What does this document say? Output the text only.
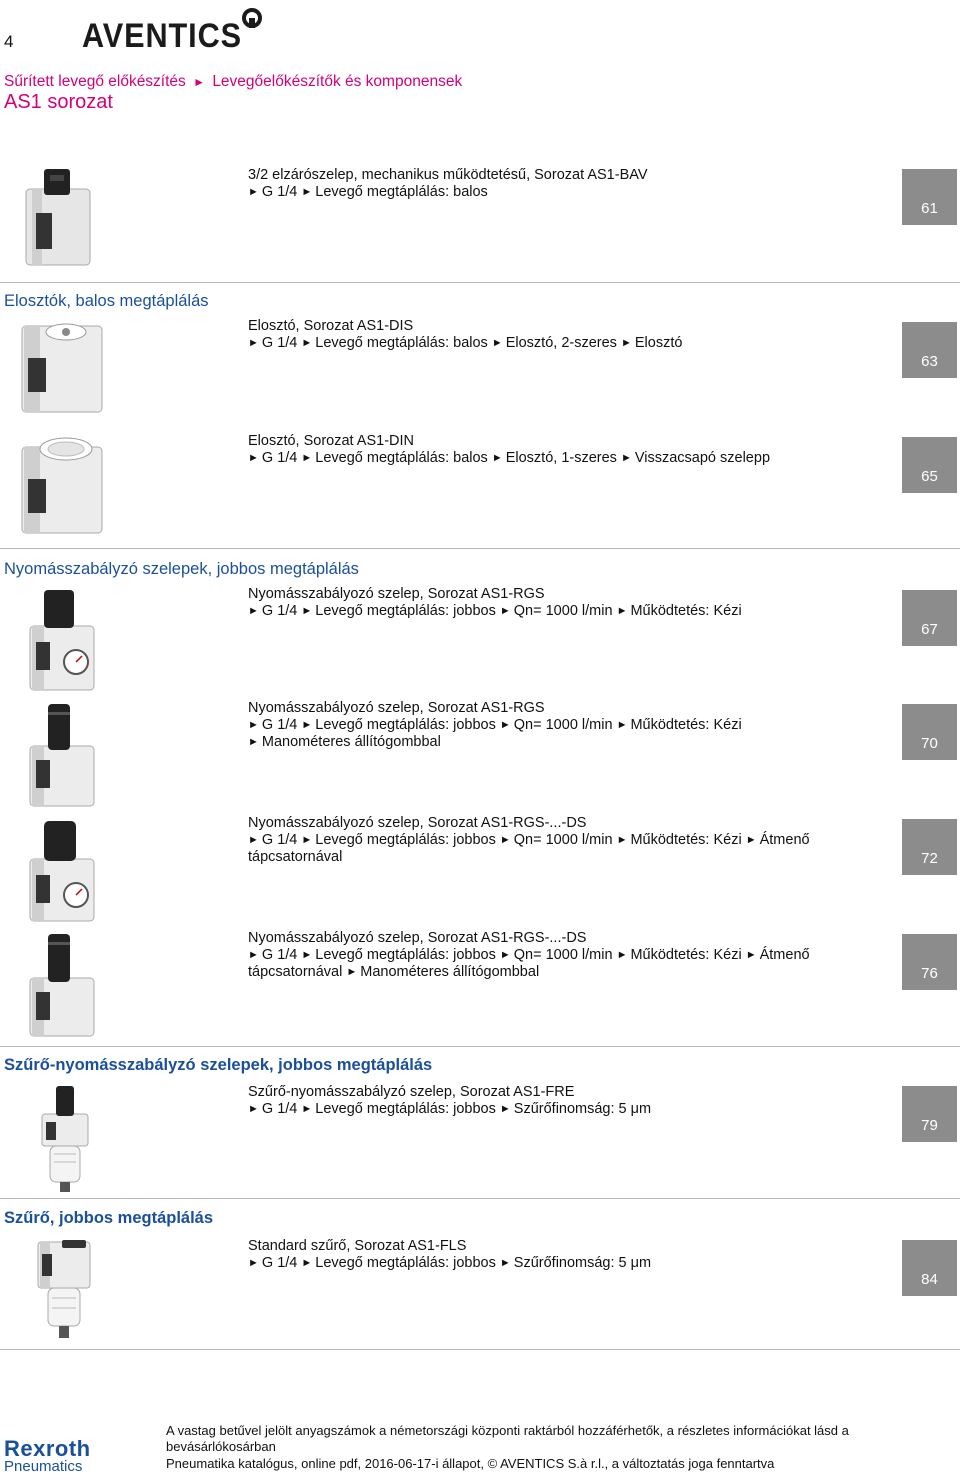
4 AVENTICS
Sűrített levegő előkészítés ► Levegőelőkészítők és komponensek
AS1 sorozat
3/2 elzárószelep, mechanikus működtetésű, Sorozat AS1-BAV
► G 1/4 ► Levegő megtáplálás: balos
61
Elosztók, balos megtáplálás
Elosztó, Sorozat AS1-DIS
► G 1/4 ► Levegő megtáplálás: balos ► Elosztó, 2-szeres ► Elosztó
63
Elosztó, Sorozat AS1-DIN
► G 1/4 ► Levegő megtáplálás: balos ► Elosztó, 1-szeres ► Visszacsapó szelepp
65
Nyomásszabályzó szelepek, jobbos megtáplálás
Nyomásszabályozó szelep, Sorozat AS1-RGS
► G 1/4 ► Levegő megtáplálás: jobbos ► Qn= 1000 l/min ► Működtetés: Kézi
67
Nyomásszabályozó szelep, Sorozat AS1-RGS
► G 1/4 ► Levegő megtáplálás: jobbos ► Qn= 1000 l/min ► Működtetés: Kézi
► Manométeres állítógombbal	70
Nyomásszabályozó szelep, Sorozat AS1-RGS-...-DS
► G 1/4 ► Levegő megtáplálás: jobbos ► Qn= 1000 l/min ► Működtetés: Kézi ► Átmenő
tápcsatornával	72
Nyomásszabályozó szelep, Sorozat AS1-RGS-...-DS
► G 1/4 ► Levegő megtáplálás: jobbos ► Qn= 1000 l/min ► Működtetés: Kézi ► Átmenő
tápcsatornával ► Manométeres állítógombbal	76
Szűrő-nyomásszabályzó szelepek, jobbos megtáplálás
Szűrő-nyomásszabályzó szelep, Sorozat AS1-FRE
► G 1/4 ► Levegő megtáplálás: jobbos ► Szűrőfinomság: 5 μm
79
Szűrő, jobbos megtáplálás
Standard szűrő, Sorozat AS1-FLS
► G 1/4 ► Levegő megtáplálás: jobbos ► Szűrőfinomság: 5 μm
84
Rexroth
Pneumatics
A vastag betűvel jelölt anyagszámok a németországi központi raktárból hozzáférhetők, a részletes információkat lásd a bevásárlókosárban
Pneumatika katalógus, online pdf, 2016-06-17-i állapot, © AVENTICS S.à r.l., a változtatás joga fenntartva
